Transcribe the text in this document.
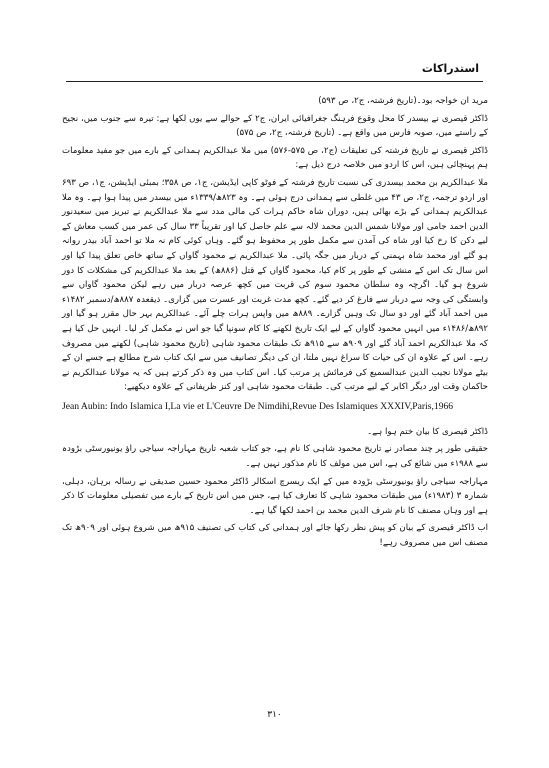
استدراکات

مرید ان خواجہ بود۔(تاریخ فرشتہ، ج۲، ص ۵۹۳)

ڈاکٹر قیصری نے بیسدر کا محل وقوع فرہنگ جغرافیائی ایران، ج۲ کے حوالے سے یوں لکھا ہے: تیرہ سے جنوب میں، نجیح کے راستے میں، صوبہ فارس میں واقع ہے۔ (تاریخ فرشتہ، ج۲، ص ۵۷۵)

ڈاکٹر قیصری نے تاریخ فرشتہ کی تعلیقات (ج۲، ص ۵۷۵-۵۷۶) میں ملا عبدالکریم ہمدانی کے بارے میں جو مفید معلومات ہم پہنچائی ہیں، اس کا اردو میں خلاصہ درج ذیل ہے:

ملا عبدالکریم بن محمد بیسدری کی نسبت تاریخ فرشتہ کے فوٹو کاپی ایڈیشن، ج۱، ص ۳۵۸؛ بمبئی ایڈیشن، ج۱، ص ۶۹۳ اور اردو ترجمہ، ج۲، ص ۴۳ میں غلطی سے ہمدانی درج ہوئی ہے۔ وہ ۸۲۳ھ/۱۳۳۹ء میں بیسدر میں پیدا ہوا ہے۔ وہ ملا عبدالکریم ہمدانی کے بڑے بھائی ہیں، دوران شاہ حاکم ہرات کی مالی مدد سے ملا عبدالکریم نے تبریز میں سعیدنور الدین احمد جامی اور مولانا شمس الدین محمد لالہ سے علم حاصل کیا اور تقریباً ۳۳ سال کی عمر میں کسب معاش کے لیے دکن کا رخ کیا اور شاہ کی آمدن سے مکمل طور پر محفوظ ہو گئے۔ وہاں کوئی کام نہ ملا تو احمد آباد بیدر روانہ ہو گئے اور محمد شاہ بہمنی کے دربار میں جگہ پائی۔ ملا عبدالکریم نے محمود گاواں کے ساتھ خاص تعلق پیدا کیا اور اس سال تک اس کے منشی کے طور پر کام کیا، محمود گاواں کے قتل (۸۸۶ھ) کے بعد ملا عبدالکریم کی مشکلات کا دور شروع ہو گیا۔ اگرچہ وہ سلطان محمود سوم کی قربت میں کچھ عرصہ دربار میں رہے لیکن محمود گاواں سے وابستگی کی وجہ سے دربار سے فارغ کر دیے گئے۔ کچھ مدت غربت اور عسرت میں گزاری۔ ذیقعدہ ۸۸۷ھ/دسمبر ۱۴۸۲ء میں احمد آباد گئے اور دو سال تک وہیں گزارے۔ ۸۸۹ھ میں واپس ہرات چلے آئے۔ عبدالکریم بہر حال مقرر ہو گیا اور ۸۹۲ھ/۱۴۸۶ء میں انہیں محمود گاواں کے لیے ایک تاریخ لکھنے کا کام سونپا گیا جو اس نے مکمل کر لیا۔ انہیں حل کیا ہے کہ ملا عبدالکریم احمد آباد گئے اور ۹۰۹ھ سے ۹۱۵ھ تک طبقات محمود شاہی (تاریخ محمود شاہی) لکھنے میں مصروف رہے۔ اس کے علاوہ ان کی حیات کا سراغ نہیں ملتا، ان کی دیگر تصانیف میں سے ایک کتاب شرح مطالع ہے جسے ان کے بیٹے مولانا نجیب الدین عبدالسمیع کی فرمائش پر مرتب کیا۔ اس کتاب میں وہ ذکر کرتے ہیں کہ یہ مولانا عبدالکریم نے حاکمان وقت اور دیگر اکابر کے لیے مرتب کی۔ طبقات محمود شاہی اور کنز ظریفانی کے علاوہ دیکھیے:

Jean Aubin: Indo Islamica I,La vie et L'Ceuvre De Nimdihi,Revue Des Islamiques XXXIV,Paris,1966

ڈاکٹر قیصری کا بیان ختم ہوا ہے۔

حقیقی طور پر چند مصادر نے تاریخ محمود شاہی کا نام ہے، جو کتاب شعبہ تاریخ مہاراجہ سیاجی راؤ یونیورسٹی بڑودہ سے ۱۹۸۸ء میں شائع کی ہے، اس میں مولف کا نام مذکور نہیں ہے۔

مہاراجہ سیاجی راؤ یونیورسٹی بڑودہ میں کے ایک ریسرچ اسکالر ڈاکٹر محمود حسین صدیقی نے رسالہ برہان، دہلی، شمارہ ۳ (۱۹۸۳ء) میں طبقات محمود شاہی کا تعارف کیا ہے، جس میں اس تاریخ کے بارے میں تفصیلی معلومات کا ذکر ہے اور وہاں مصنف کا نام شرف الدین محمد بن احمد لکھا گیا ہے۔

اب ڈاکٹر قیصری کے بیان کو پیش نظر رکھا جائے اور ہمدانی کی کتاب کی تصنیف ۹۱۵ھ میں شروع ہوئی اور ۹۰۹ھ تک مصنف اس میں مصروف رہے!

۳۱۰
